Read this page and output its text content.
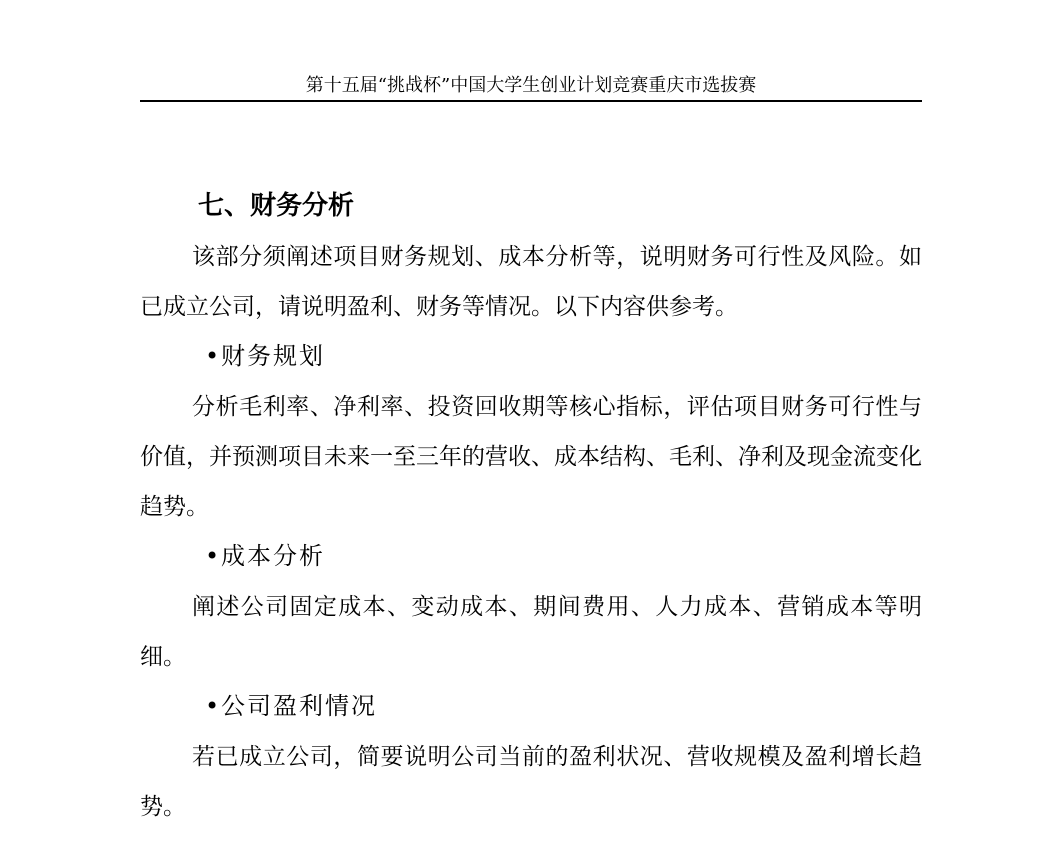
第十五届“挑战杯”中国大学生创业计划竞赛重庆市选拔赛
七、财务分析

该部分须阐述项目财务规划、成本分析等，说明财务可行性及风险。如已成立公司，请说明盈利、财务等情况。以下内容供参考。

•财务规划

分析毛利率、净利率、投资回收期等核心指标，评估项目财务可行性与价值，并预测项目未来一至三年的营收、成本结构、毛利、净利及现金流变化趋势。

•成本分析

阐述公司固定成本、变动成本、期间费用、人力成本、营销成本等明细。

•公司盈利情况

若已成立公司，简要说明公司当前的盈利状况、营收规模及盈利增长趋势。
